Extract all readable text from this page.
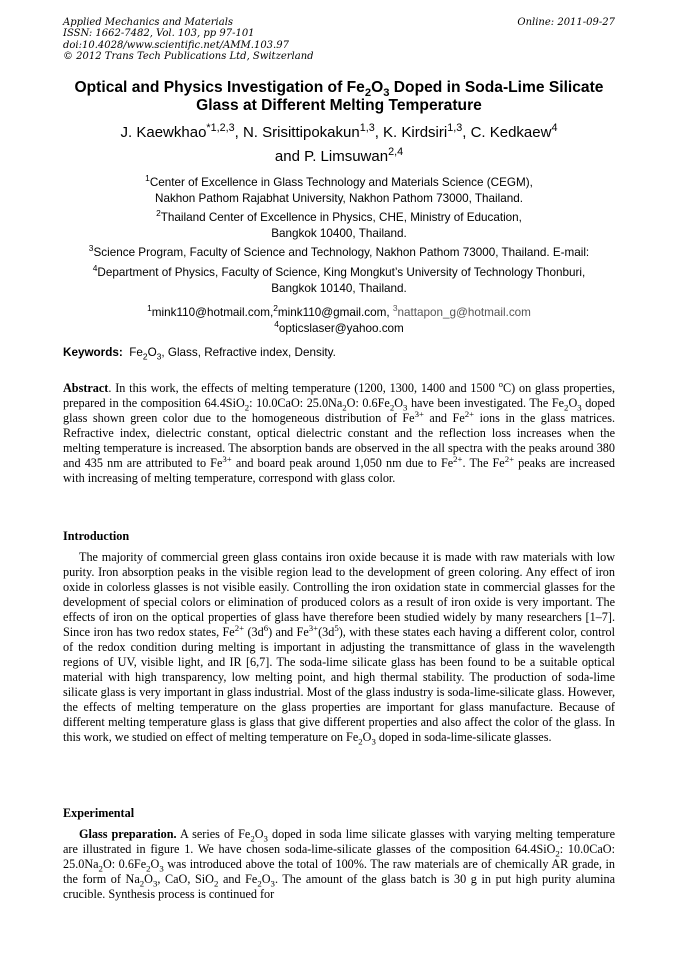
Applied Mechanics and Materials
ISSN: 1662-7482, Vol. 103, pp 97-101
doi:10.4028/www.scientific.net/AMM.103.97
© 2012 Trans Tech Publications Ltd, Switzerland
Online: 2011-09-27
Optical and Physics Investigation of $Fe_2O_3$ Doped in Soda-Lime Silicate
Glass at Different Melting Temperature
J. Kaewkhao$^{*1,2,3}$, N. Srisittipokakun$^{1,3}$, K. Kirdsiri$^{1,3}$, C. Kedkaew$^4$
and P. Limsuwan$^{2,4}$
$^1$Center of Excellence in Glass Technology and Materials Science (CEGM),
Nakhon Pathom Rajabhat University, Nakhon Pathom 73000, Thailand.
$^2$Thailand Center of Excellence in Physics, CHE, Ministry of Education,
Bangkok 10400, Thailand.
$^3$Science Program, Faculty of Science and Technology, Nakhon Pathom 73000, Thailand. E-mail:
$^4$Department of Physics, Faculty of Science, King Mongkut’s University of Technology Thonburi,
Bangkok 10140, Thailand.
$^1$mink110@hotmail.com,$^2$mink110@gmail.com, $^3$nattapon_g@hotmail.com
$^4$opticslaser@yahoo.com
Keywords: $Fe_2O_3$, Glass, Refractive index, Density.
Abstract. In this work, the effects of melting temperature (1200, 1300, 1400 and 1500 $^o$C) on glass properties, prepared in the composition 64.4SiO$_2$: 10.0CaO: $25.0Na_2O$: $0.6Fe_2O_3$ have been investigated. The $Fe_2O_3$ doped glass shown green color due to the homogeneous distribution of $Fe^{3+}$ and $Fe^{2+}$ ions in the glass matrices. Refractive index, dielectric constant, optical dielectric constant and the reflection loss increases when the melting temperature is increased. The absorption bands are observed in the all spectra with the peaks around 380 and 435 nm are attributed to $Fe^{3+}$ and board peak around 1,050 nm due to $Fe^{2+}$. The $Fe^{2+}$ peaks are increased with increasing of melting temperature, correspond with glass color.
Introduction
The majority of commercial green glass contains iron oxide because it is made with raw materials with low purity. Iron absorption peaks in the visible region lead to the development of green coloring. Any effect of iron oxide in colorless glasses is not visible easily. Controlling the iron oxidation state in commercial glasses for the development of special colors or elimination of produced colors as a result of iron oxide is very important. The effects of iron on the optical properties of glass have therefore been studied widely by many researchers [1–7]. Since iron has two redox states, $Fe^{2+}$ $(3d^6)$ and $Fe^{3+}(3d^5)$, with these states each having a different color, control of the redox condition during melting is important in adjusting the transmittance of glass in the wavelength regions of UV, visible light, and IR [6,7]. The soda-lime silicate glass has been found to be a suitable optical material with high transparency, low melting point, and high thermal stability. The production of soda-lime silicate glass is very important in glass industrial. Most of the glass industry is soda-lime-silicate glass. However, the effects of melting temperature on the glass properties are important for glass manufacture. Because of different melting temperature glass is glass that give different properties and also affect the color of the glass. In this work, we studied on effect of melting temperature on $Fe_2O_3$ doped in soda-lime-silicate glasses.
Experimental
Glass preparation. A series of $Fe_2O_3$ doped in soda lime silicate glasses with varying melting temperature are illustrated in figure 1. We have chosen soda-lime-silicate glasses of the composition 64.4SiO$_2$: 10.0CaO: $25.0Na_2O$: $0.6Fe_2O_3$ was introduced above the total of 100%. The raw materials are of chemically AR grade, in the form of $Na_2O_3$, CaO, SiO$_2$ and $Fe_2O_3$. The amount of the glass batch is 30 g in put high purity alumina crucible. Synthesis process is continued for
